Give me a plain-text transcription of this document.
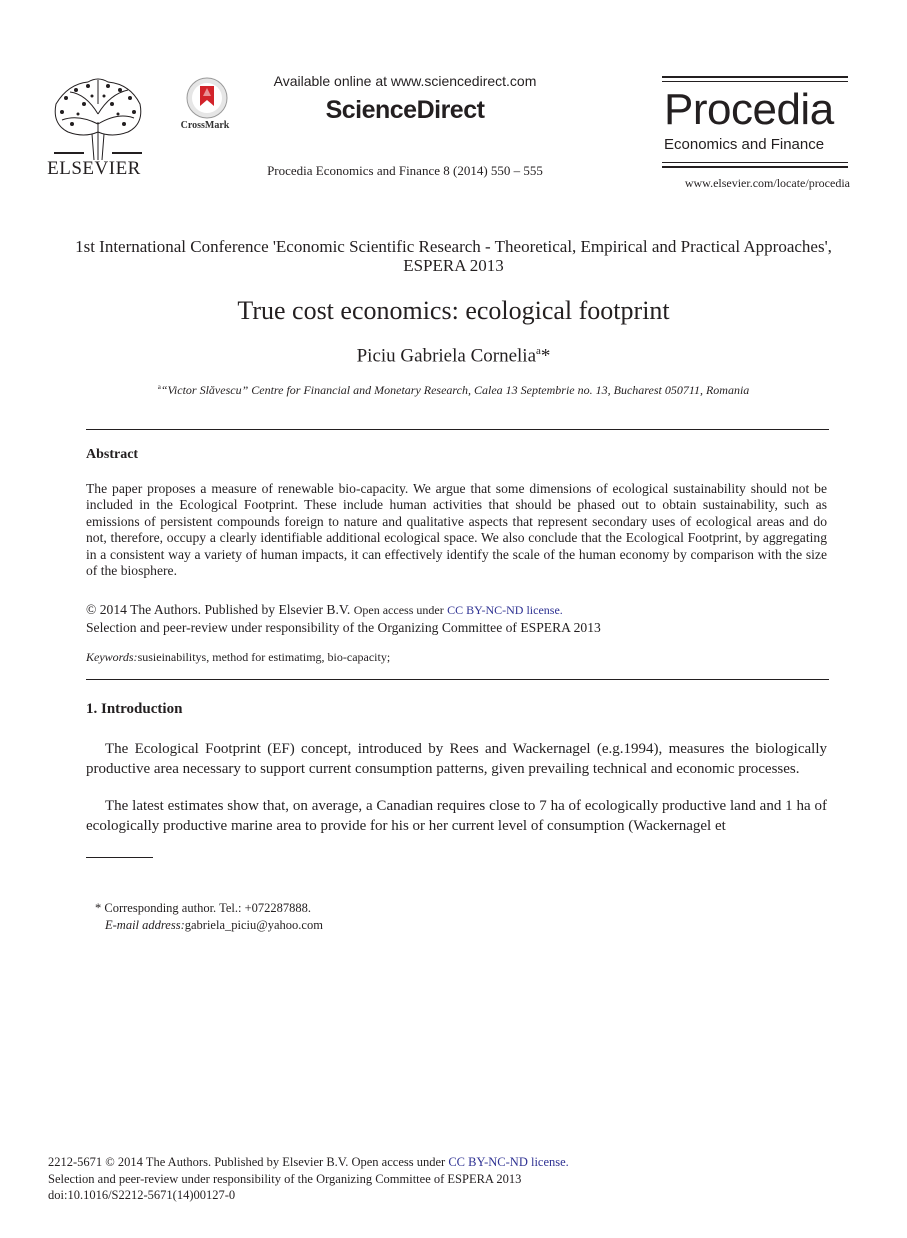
ELSEVIER
CrossMark
Available online at www.sciencedirect.com
ScienceDirect
Procedia Economics and Finance 8 (2014) 550 – 555
Procedia
Economics and Finance
www.elsevier.com/locate/procedia
1st International Conference 'Economic Scientific Research - Theoretical, Empirical and Practical Approaches', ESPERA 2013
True cost economics: ecological footprint
Piciu Gabriela Cornelia$^a$*
$^a$“Victor Slăvescu” Centre for Financial and Monetary Research, Calea 13 Septembrie no. 13, Bucharest 050711, Romania
Abstract
The paper proposes a measure of renewable bio-capacity. We argue that some dimensions of ecological sustainability should not be included in the Ecological Footprint. These include human activities that should be phased out to obtain sustainability, such as emissions of persistent compounds foreign to nature and qualitative aspects that represent secondary uses of ecological areas and do not, therefore, occupy a clearly identifiable additional ecological space. We also conclude that the Ecological Footprint, by aggregating in a consistent way a variety of human impacts, it can effectively identify the scale of the human economy by comparison with the size of the biosphere.
© 2014 The Authors. Published by Elsevier B.V. Open access under CC BY-NC-ND license.
Selection and peer-review under responsibility of the Organizing Committee of ESPERA 2013
Keywords:susieinabilitys, method for estimatimg, bio-capacity;
1. Introduction
The Ecological Footprint (EF) concept, introduced by Rees and Wackernagel (e.g.1994), measures the biologically productive area necessary to support current consumption patterns, given prevailing technical and economic processes.
The latest estimates show that, on average, a Canadian requires close to 7 ha of ecologically productive land and 1 ha of ecologically productive marine area to provide for his or her current level of consumption (Wackernagel et
* Corresponding author. Tel.: +072287888.
E-mail address:gabriela_piciu@yahoo.com
2212-5671 © 2014 The Authors. Published by Elsevier B.V. Open access under CC BY-NC-ND license.
Selection and peer-review under responsibility of the Organizing Committee of ESPERA 2013
doi:10.1016/S2212-5671(14)00127-0
